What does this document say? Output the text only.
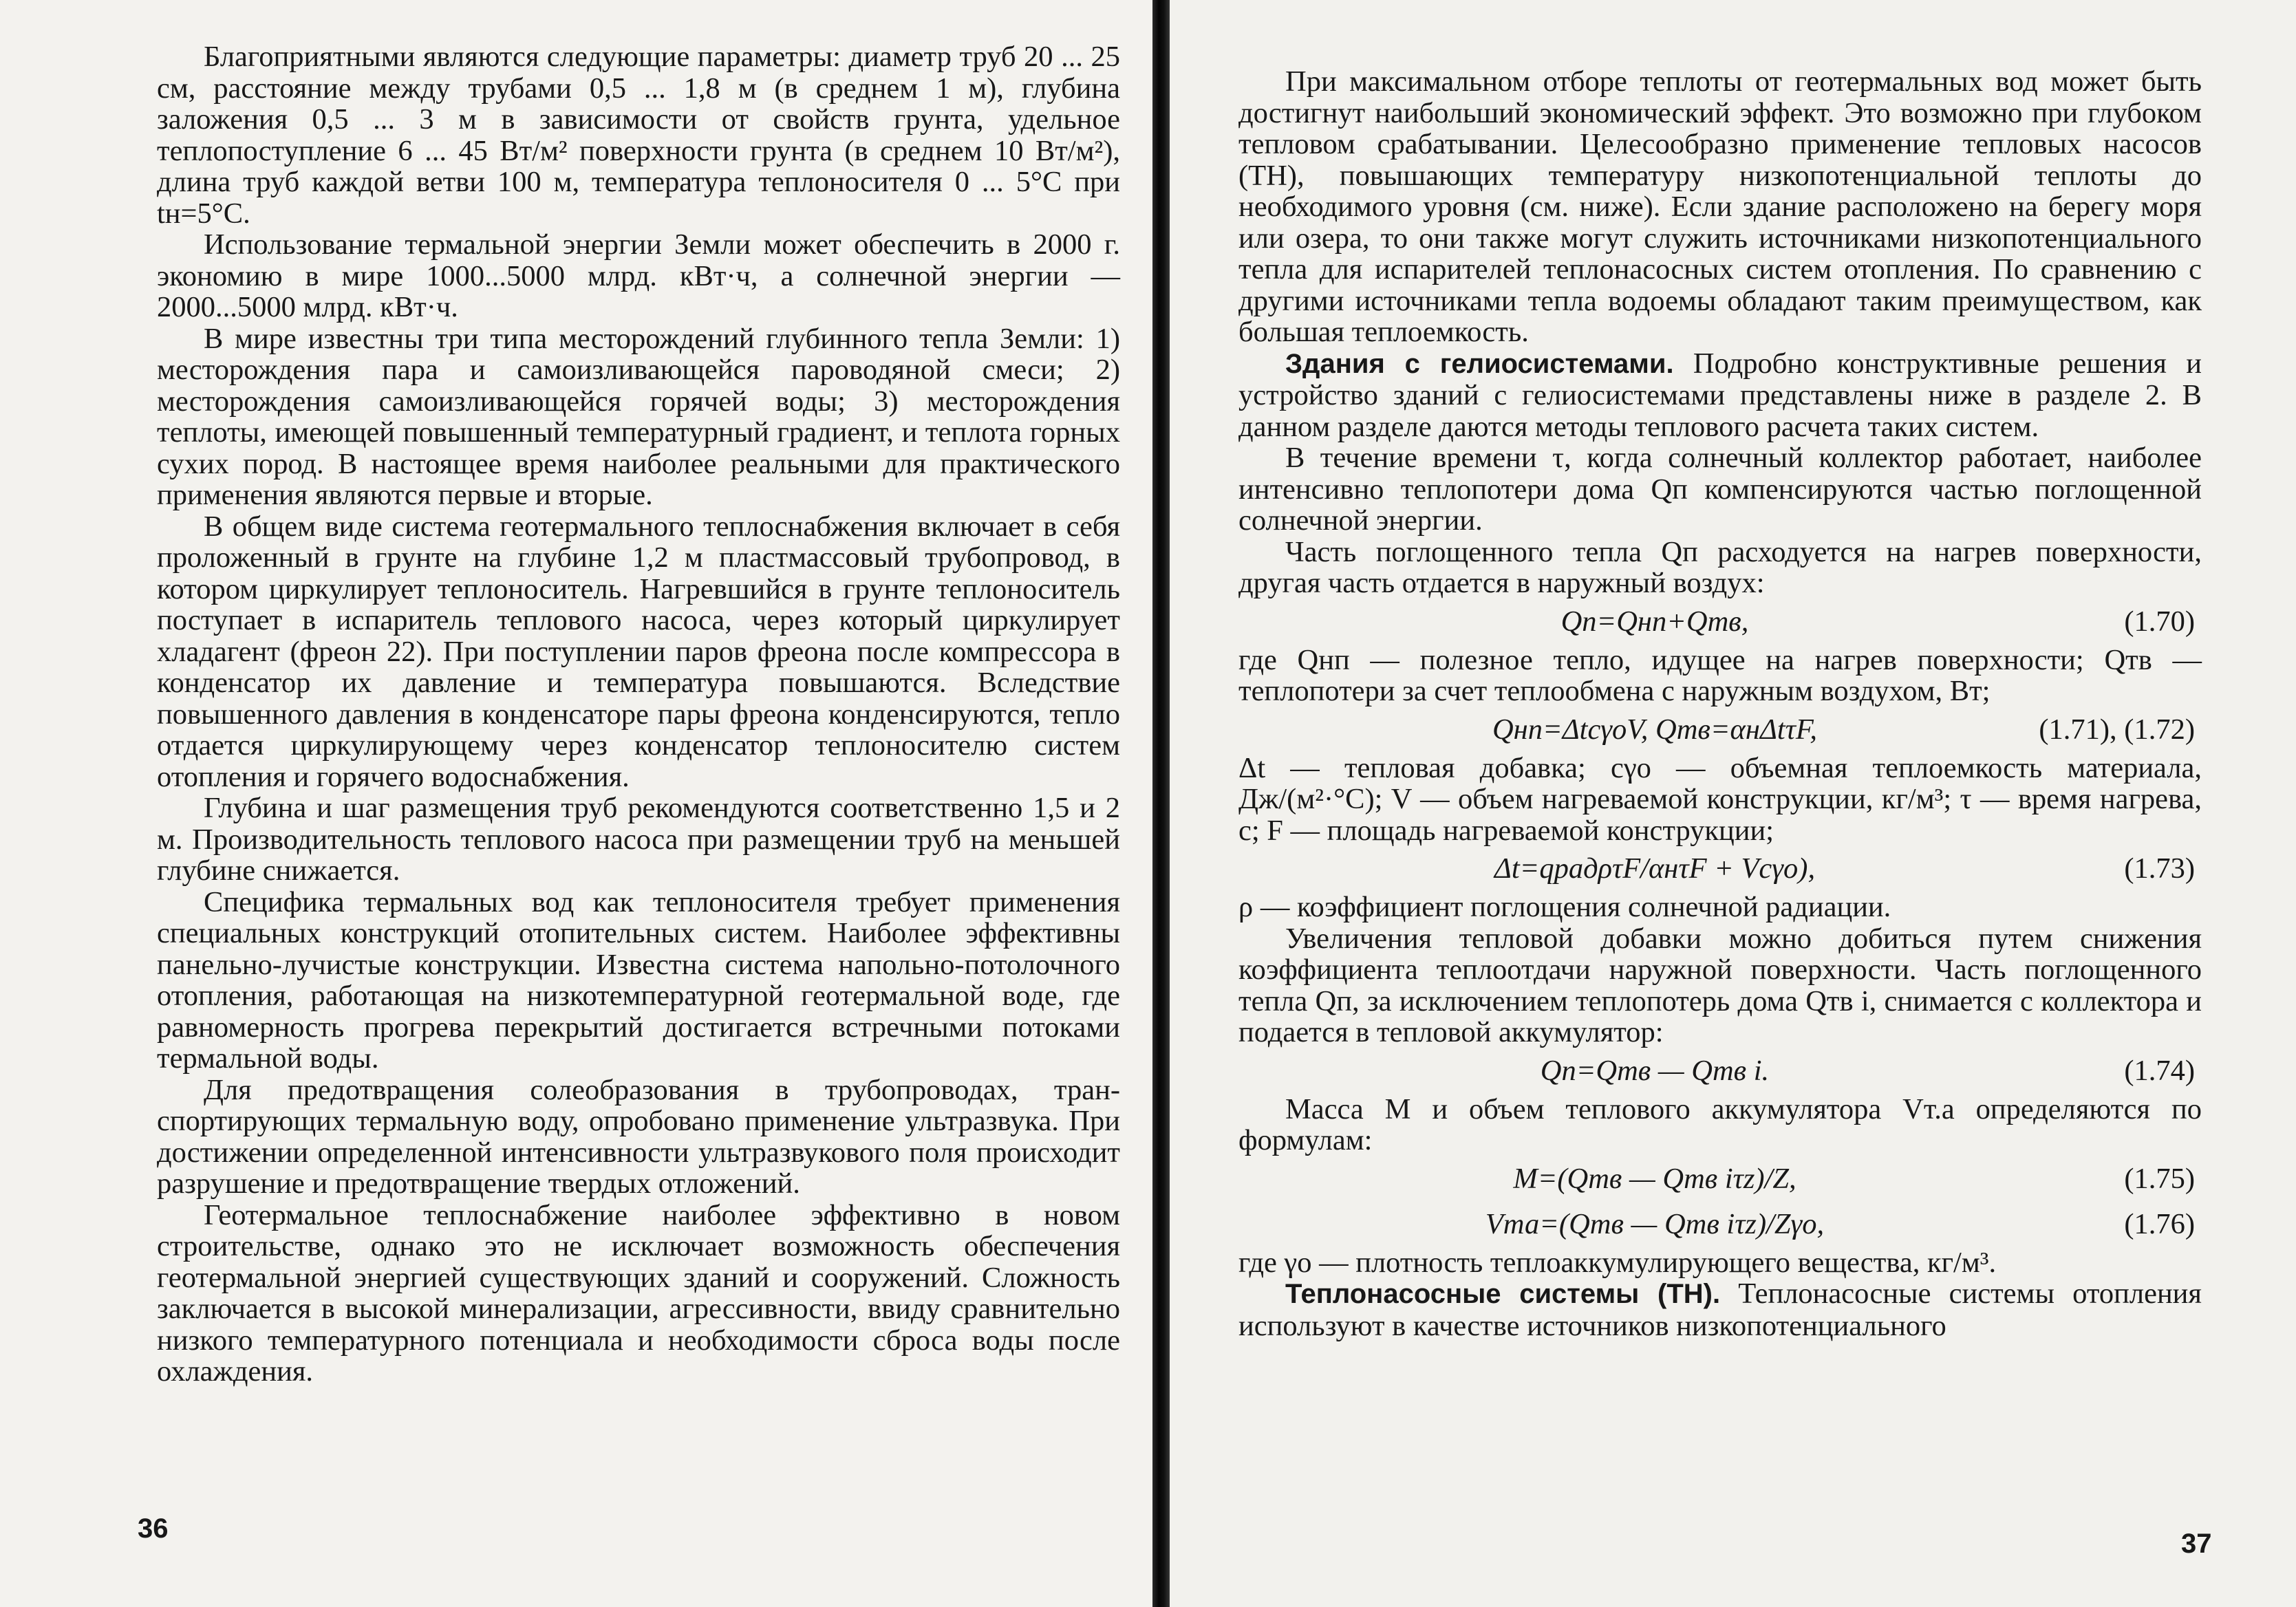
Благоприятными являются следующие параметры: диаметр труб 20 ... 25 см, расстояние между трубами 0,5 ... 1,8 м (в среднем 1 м), глубина заложения 0,5 ... 3 м в зависимости от свойств грунта, удельное теплопоступление 6 ... 45 Вт/м² поверхности грунта (в среднем 10 Вт/м²), длина труб каждой ветви 100 м, температура теплоносителя 0 ... 5°С при tн=5°С.

Использование термальной энергии Земли может обеспечить в 2000 г. экономию в мире 1000...5000 млрд. кВт·ч, а солнечной энергии — 2000...5000 млрд. кВт·ч.

В мире известны три типа месторождений глубинного тепла Земли: 1) месторождения пара и самоизливающейся пароводяной смеси; 2) месторождения самоизливающейся горячей воды; 3) месторождения теплоты, имеющей повышенный температурный градиент, и теплота горных сухих пород. В настоящее время наиболее реальными для практического применения являются первые и вторые.

В общем виде система геотермального теплоснабжения включает в себя проложенный в грунте на глубине 1,2 м пластмассовый трубопровод, в котором циркулирует теплоноситель. Нагревшийся в грунте теплоноситель поступает в испаритель теплового насоса, через который циркулирует хладагент (фреон 22). При поступлении паров фреона после компрессора в конденсатор их давление и температура повышаются. Вследствие повышенного давления в конденсаторе пары фреона конденсируются, тепло отдается циркулирующему через конденсатор теплоносителю систем отопления и горячего водоснабжения.

Глубина и шаг размещения труб рекомендуются соответственно 1,5 и 2 м. Производительность теплового насоса при размещении труб на меньшей глубине снижается.

Специфика термальных вод как теплоносителя требует применения специальных конструкций отопительных систем. Наиболее эффективны панельно-лучистые конструкции. Известна система напольно-потолочного отопления, работающая на низкотемпературной геотермальной воде, где равномерность прогрева перекрытий достигается встречными потоками термальной воды.

Для предотвращения солеобразования в трубопроводах, транспортирующих термальную воду, опробовано применение ультразвука. При достижении определенной интенсивности ультразвукового поля происходит разрушение и предотвращение твердых отложений.

Геотермальное теплоснабжение наиболее эффективно в новом строительстве, однако это не исключает возможность обеспечения геотермальной энергией существующих зданий и сооружений. Сложность заключается в высокой минерализации, агрессивности, ввиду сравнительно низкого температурного потенциала и необходимости сброса воды после охлаждения.

36

При максимальном отборе теплоты от геотермальных вод может быть достигнут наибольший экономический эффект. Это возможно при глубоком тепловом срабатывании. Целесообразно применение тепловых насосов (ТН), повышающих температуру низкопотенциальной теплоты до необходимого уровня (см. ниже). Если здание расположено на берегу моря или озера, то они также могут служить источниками низкопотенциального тепла для испарителей теплонасосных систем отопления. По сравнению с другими источниками тепла водоемы обладают таким преимуществом, как большая теплоемкость.

Здания с гелиосистемами. Подробно конструктивные решения и устройство зданий с гелиосистемами представлены ниже в разделе 2. В данном разделе даются методы теплового расчета таких систем.

В течение времени τ, когда солнечный коллектор работает, наиболее интенсивно теплопотери дома Qп компенсируются частью поглощенной солнечной энергии.

Часть поглощенного тепла Qп расходуется на нагрев поверхности, другая часть отдается в наружный воздух:

Qп=Qнп+Qтв,	(1.70)

где Qнп — полезное тепло, идущее на нагрев поверхности; Qтв — теплопотери за счет теплообмена с наружным воздухом, Вт;

Qнп=ΔtcγоV, Qтв=αнΔtτF,	(1.71), (1.72)

Δt — тепловая добавка; cγо — объемная теплоемкость материала, Дж/(м²·°С); V — объем нагреваемой конструкции, кг/м³; τ — время нагрева, с; F — площадь нагреваемой конструкции;

Δt=qрадρτF/αнτF + Vcγо),	(1.73)

ρ — коэффициент поглощения солнечной радиации.

Увеличения тепловой добавки можно добиться путем снижения коэффициента теплоотдачи наружной поверхности. Часть поглощенного тепла Qп, за исключением теплопотерь дома Qтв i, снимается с коллектора и подается в тепловой аккумулятор:

Qп=Qтв — Qтв i.	(1.74)

Масса M и объем теплового аккумулятора Vт.а определяются по формулам:

M=(Qтв — Qтв iτz)/Z,	(1.75)
Vта=(Qтв — Qтв iτz)/Zγо,	(1.76)

где γо — плотность теплоаккумулирующего вещества, кг/м³.

Теплонасосные системы (ТН). Теплонасосные системы отопления используют в качестве источников низкопотенциального

37
